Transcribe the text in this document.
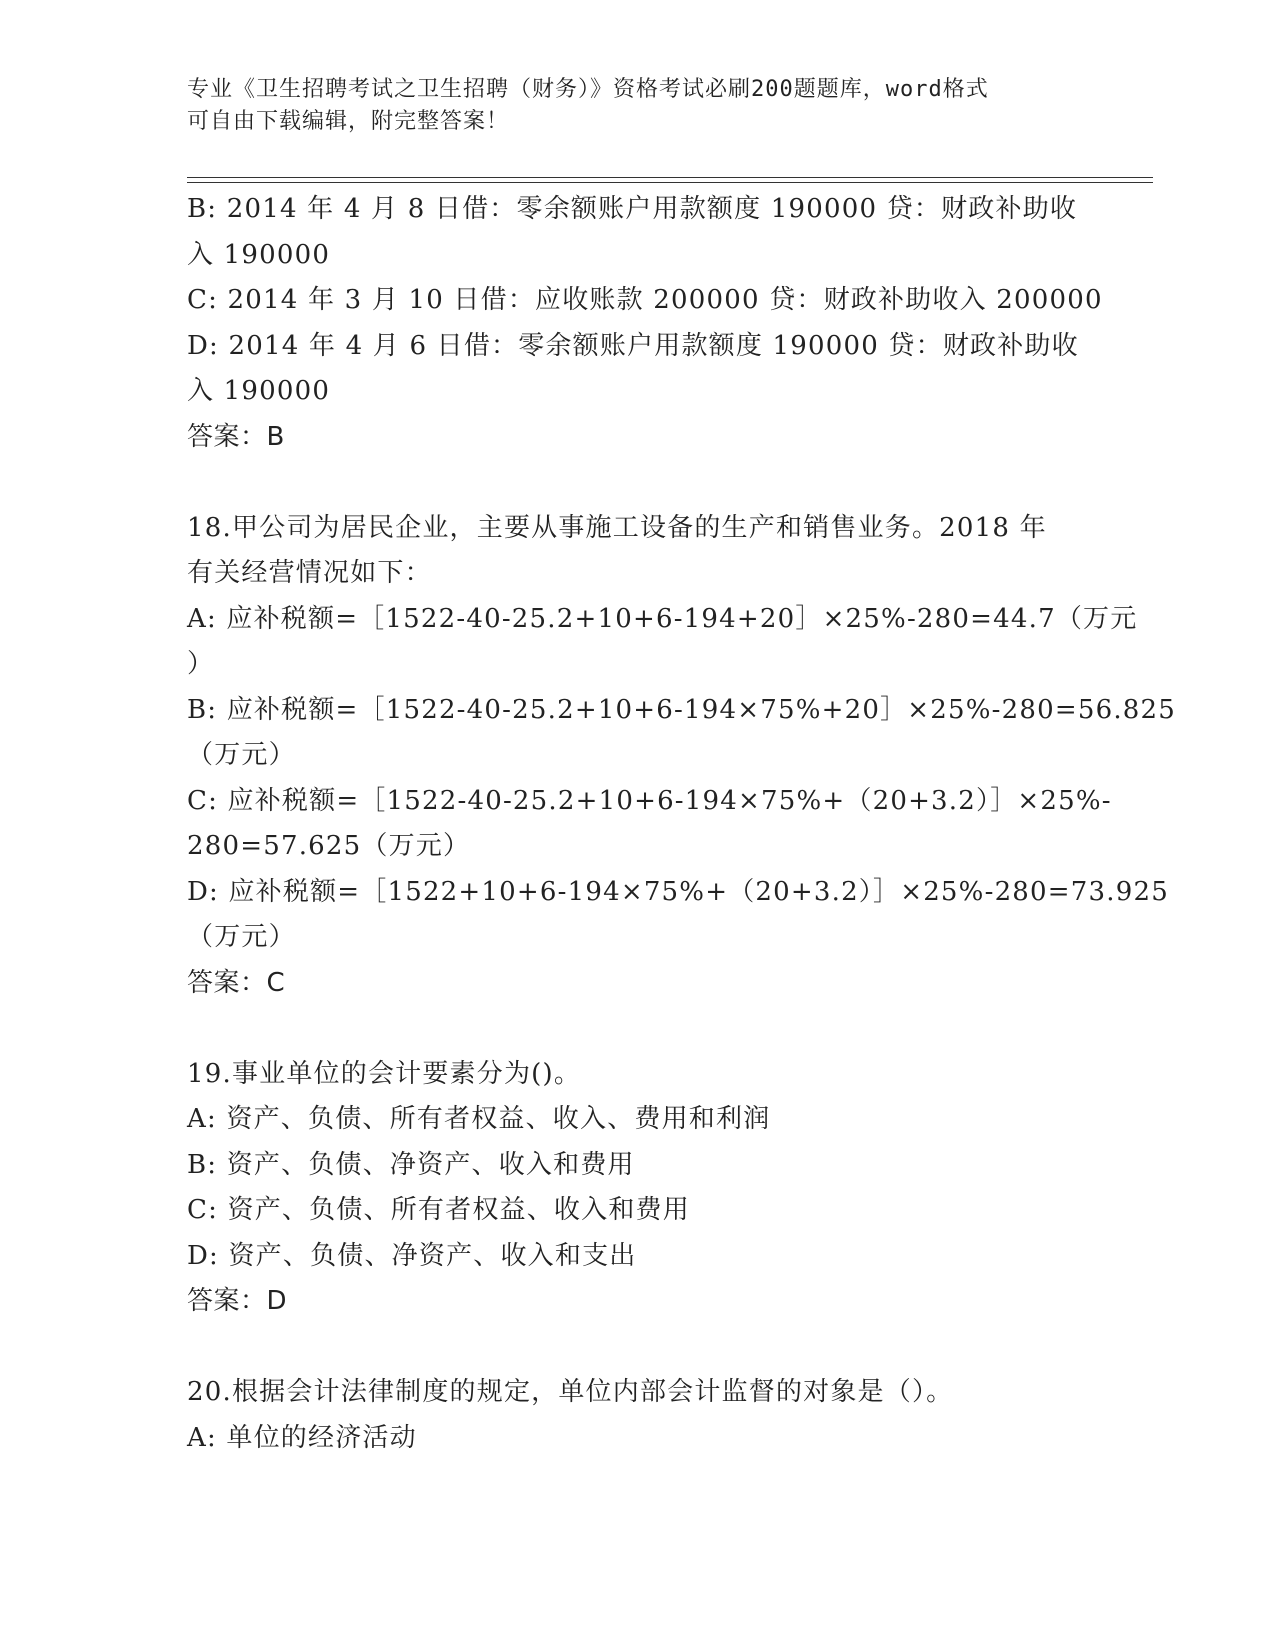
专业《卫生招聘考试之卫生招聘（财务）》资格考试必刷200题题库，word格式
可自由下载编辑，附完整答案！
B: 2014 年 4 月 8 日借：零余额账户用款额度 190000 贷：财政补助收
入 190000
C: 2014 年 3 月 10 日借：应收账款 200000 贷：财政补助收入 200000
D: 2014 年 4 月 6 日借：零余额账户用款额度 190000 贷：财政补助收
入 190000
答案：B
18.甲公司为居民企业，主要从事施工设备的生产和销售业务。2018 年
有关经营情况如下：
A: 应补税额=［1522-40-25.2+10+6-194+20］×25%-280=44.7（万元
）
B: 应补税额=［1522-40-25.2+10+6-194×75%+20］×25%-280=56.825
（万元）
C: 应补税额=［1522-40-25.2+10+6-194×75%+（20+3.2）］×25%-
280=57.625（万元）
D: 应补税额=［1522+10+6-194×75%+（20+3.2）］×25%-280=73.925
（万元）
答案：C
19.事业单位的会计要素分为()。
A: 资产、负债、所有者权益、收入、费用和利润
B: 资产、负债、净资产、收入和费用
C: 资产、负债、所有者权益、收入和费用
D: 资产、负债、净资产、收入和支出
答案：D
20.根据会计法律制度的规定，单位内部会计监督的对象是（）。
A: 单位的经济活动
